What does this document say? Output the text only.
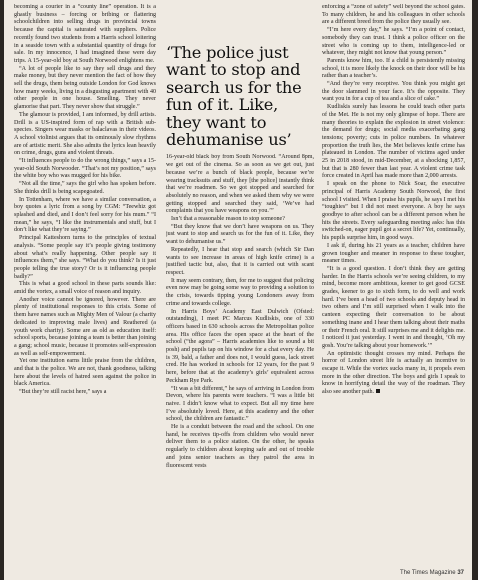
becoming a courier in a “county line” operation. It is a ghastly business – forcing or bribing or flattering schoolchildren into selling drugs in provincial towns because the capital is saturated with suppliers. Police recently found two students from a Harris school loitering in a seaside town with a substantial quantity of drugs for sale. In my innocence, I had imagined these were day trips. A 15-year-old boy at South Norwood enlightens me.

“A lot of people like to say they sell drugs and they make money, but they never mention the fact of how they sell the drugs, them being outside London for God knows how many weeks, living in a disgusting apartment with 40 other people in one house. Smelling. They never glamorise that part. They never show that struggle.”

The glamour is provided, I am informed, by drill artists. Drill is a US-inspired form of rap with a British sub-species. Singers wear masks or balaclavas in their videos. A school violinist argues that its ominously slow rhythms are of artistic merit. She also admits the lyrics lean heavily on crime, drugs, guns and violent threats.

“It influences people to do the wrong things,” says a 15-year-old South Norwooder. “That’s not my position,” says the white boy who was mugged for his bike.

“Not all the time,” says the girl who has spoken before. She thinks drill is being scapegoated.

In Tottenham, where we have a similar conversation, a boy quotes a lyric from a song by CGM: “Teewhiz got splashed and died, and I don’t feel sorry for his mum.” “I mean,” he says, “I like the instrumentals and stuff, but I don’t like what they’re saying.”

Principal Katteshorn turns to the principles of textual analysis. “Some people say it’s people giving testimony about what’s really happening. Other people say it influences them,” she says. “What do you think? Is it just people telling the true story? Or is it influencing people badly?”

This is what a good school in these parts sounds like: amid the vortex, a small voice of reason and inquiry.

Another voice cannot be ignored, however. There are plenty of institutional responses to this crisis. Some of them have names such as Mighty Men of Valour (a charity dedicated to improving male lives) and Reathered (a youth work charity). Some are as old as education itself: school sports, because joining a team is better than joining a gang; school music, because it promotes self-expression as well as self-empowerment.

Yet one institution earns little praise from the children, and that is the police. We are not, thank goodness, talking here about the levels of hatred seen against the police in black America.

“But they’re still racist here,” says a

‘The police just want to stop and search us for the fun of it. Like, they want to dehumanise us’

16-year-old black boy from South Norwood. “Around 8pm, we get out of the cinema. So as soon as we get out, just because we’re a bunch of black people, because we’re wearing tracksuits and stuff, they [the police] instantly think that we’re roadmen. So we got stopped and searched for absolutely no reason, and when we asked them why we were getting stopped and searched they said, ‘We’ve had complaints that you have weapons on you.’”

Isn’t that a reasonable reason to stop someone?

“But they know that we don’t have weapons on us. They just want to stop and search us for the fun of it. Like, they want to dehumanise us.”

Repeatedly, I hear that stop and search (which Sir Dan wants to see increase in areas of high knife crime) is a justified tactic but, also, that it is carried out with scant respect.

It may seem contrary, then, for me to suggest that policing even now may be going some way to providing a solution to the crisis, towards tipping young Londoners away from crime and towards college.

In Harris Boys’ Academy East Dulwich (Ofsted: outstanding), I meet PC Marcus Kudliskis, one of 330 officers based in 630 schools across the Metropolitan police area. His office faces the open space at the heart of the school (“the agora” – Harris academies like to sound a bit posh) and pupils tap on his window for a chat every day. He is 39, bald, a father and does not, I would guess, lack street cred. He has worked in schools for 12 years, for the past 9 here, before that at the academy’s girls’ equivalent across Peckham Rye Park.

“It was a bit different,” he says of arriving in London from Devon, where his parents were teachers. “I was a little bit naive. I didn’t know what to expect. But all my time here I’ve absolutely loved. Here, at this academy and the other school, the children are fantastic.”

He is a conduit between the road and the school. On one hand, he receives tip-offs from children who would never deliver them to a police station. On the other, he speaks regularly to children about keeping safe and out of trouble and joins senior teachers as they patrol the area in fluorescent vests

enforcing a “zone of safety” well beyond the school gates. To many children, he and his colleagues in other schools are a different breed from the police they usually see.

“I’m here every day,” he says. “I’m a point of contact, somebody they can trust. I think a police officer on the street who is coming up to them, intelligence-led or whatever, they might not know that young person.”

Parents know him, too. If a child is persistently missing school, it is more likely the knock on their door will be his rather than a teacher’s.

“And they’re very receptive. You think you might get the door slammed in your face. It’s the opposite. They want you in for a cup of tea and a slice of cake.”

Kudliskis surely has lessons he could teach other parts of the Met. He is not my only glimpse of hope. There are many theories to explain the explosion in street violence: the demand for drugs; social media exacerbating gang tensions; poverty; cuts in police numbers. In whatever proportion the truth lies, the Met believes knife crime has plateaued in London. The number of victims aged under 25 in 2018 stood, in mid-December, at a shocking 1,857, but that is 280 fewer than last year. A violent crime task force created in April has made more than 2,000 arrests.

I speak on the phone to Nick Soar, the executive principal of Harris Academy South Norwood, the first school I visited. When I praise his pupils, he says I met his “toughies” but I did not meet everyone. A boy he says goodbye to after school can be a different person when he hits the streets. Every safeguarding meeting asks: has this switched-on, eager pupil got a secret life? Yet, continually, his pupils surprise him, in good ways.

I ask if, during his 21 years as a teacher, children have grown tougher and meaner in response to these tougher, meaner times.

“It is a good question. I don’t think they are getting harder. In the Harris schools we’re seeing children, to my mind, become more ambitious, keener to get good GCSE grades, keener to go to sixth form, to do well and work hard. I’ve been a head of two schools and deputy head in two others and I’m still surprised when I walk into the canteen expecting their conversation to be about something inane and I hear them talking about their maths or their French oral. It still surprises me and it delights me. I noticed it just yesterday. I went in and thought, ‘Oh my gosh. You’re talking about your homework.’”

An optimistic thought crosses my mind. Perhaps the horror of London street life is actually an incentive to escape it. While the vortex sucks many in, it propels even more in the other direction. The boys and girls I speak to know in horrifying detail the way of the roadman. They also see another path.

The Times Magazine 37
